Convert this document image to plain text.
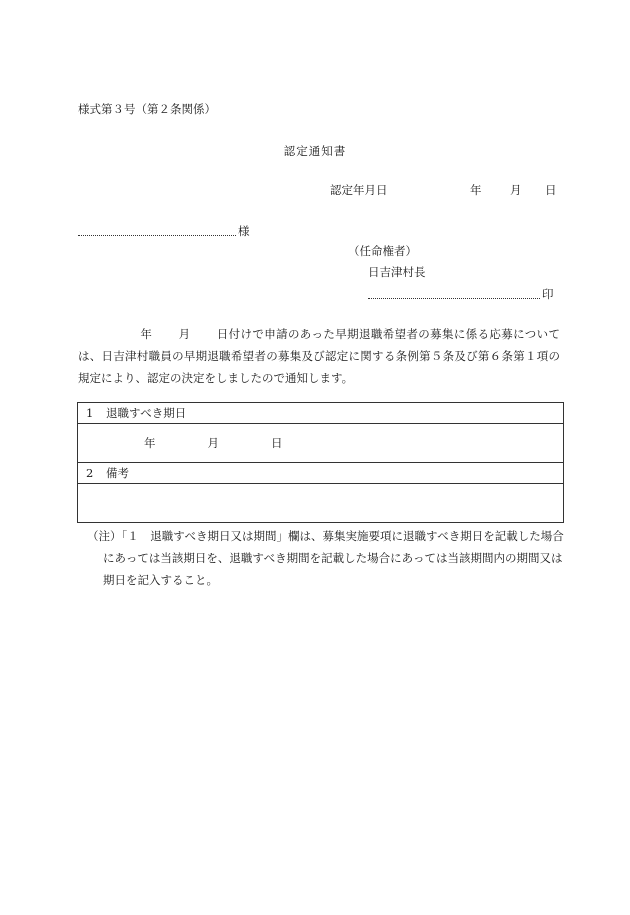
様式第３号（第２条関係）
認定通知書
認定年月日	年 月 日
様
（任命権者）
日吉津村長
印
年 月 日付けで申請のあった早期退職希望者の募集に係る応募については、日吉津村職員の早期退職希望者の募集及び認定に関する条例第５条及び第６条第１項の規定により、認定の決定をしましたので通知します。
1 退職すべき期日
年	月	日
2 備考

（注）「１　退職すべき期日又は期間」欄は、募集実施要項に退職すべき期日を記載した場合にあっては当該期日を、退職すべき期間を記載した場合にあっては当該期間内の期間又は期日を記入すること。
